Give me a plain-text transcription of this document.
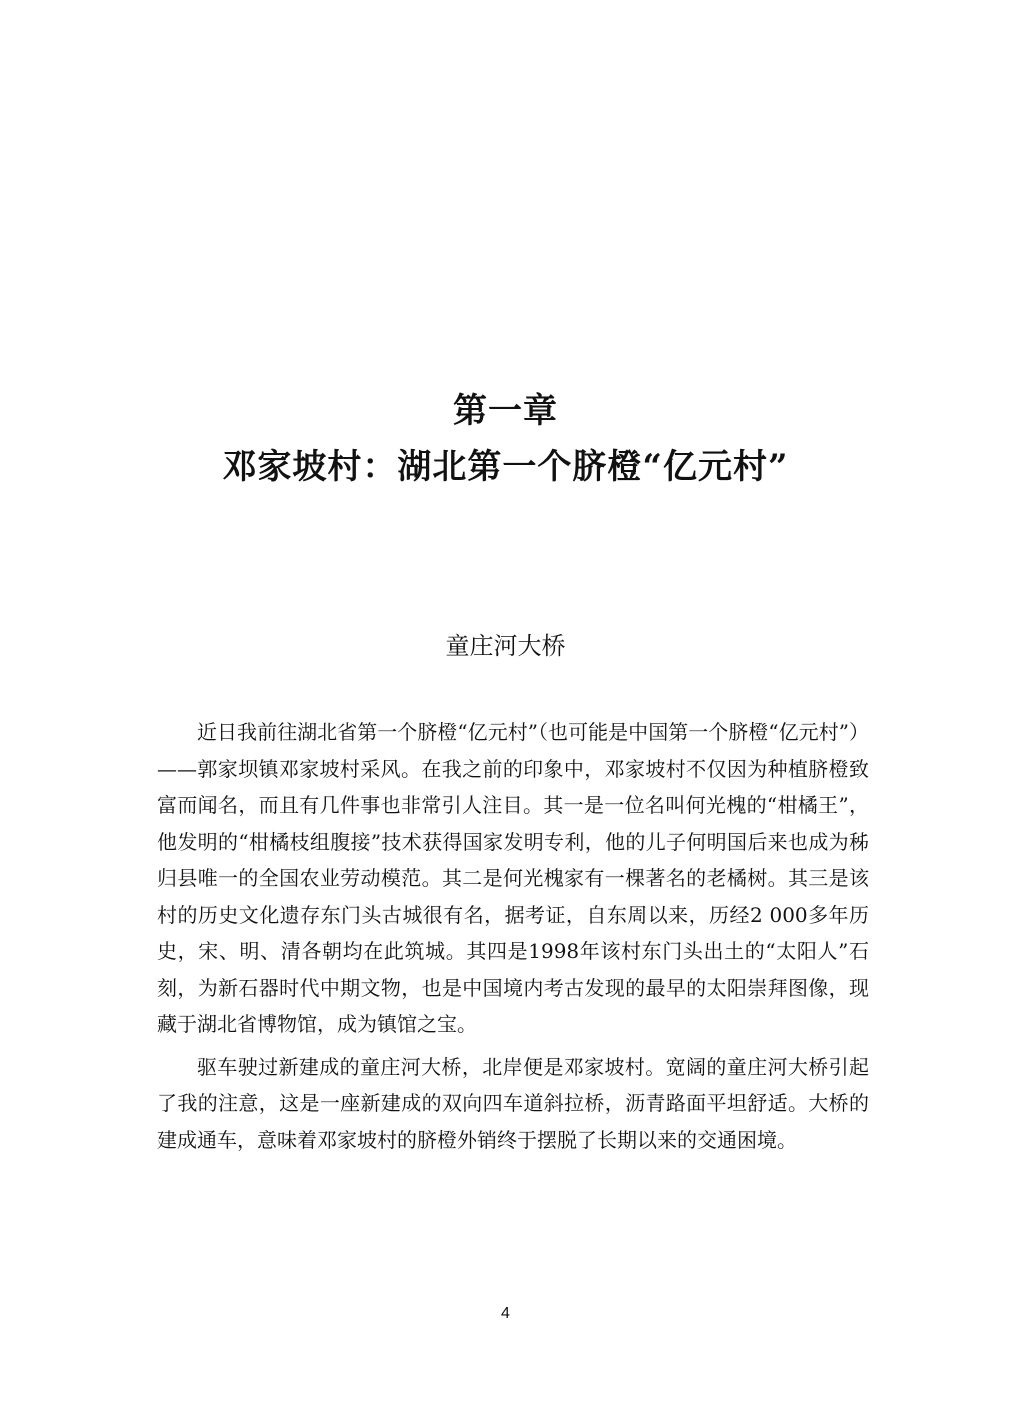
第一章
邓家坡村：湖北第一个脐橙“亿元村”
童庄河大桥

近日我前往湖北省第一个脐橙“亿元村”（也可能是中国第一个脐橙“亿元村”）——郭家坝镇邓家坡村采风。在我之前的印象中，邓家坡村不仅因为种植脐橙致富而闻名，而且有几件事也非常引人注目。其一是一位名叫何光槐的“柑橘王”，他发明的“柑橘枝组腹接”技术获得国家发明专利，他的儿子何明国后来也成为秭归县唯一的全国农业劳动模范。其二是何光槐家有一棵著名的老橘树。其三是该村的历史文化遗存东门头古城很有名，据考证，自东周以来，历经2 000多年历史，宋、明、清各朝均在此筑城。其四是1998年该村东门头出土的“太阳人”石刻，为新石器时代中期文物，也是中国境内考古发现的最早的太阳崇拜图像，现藏于湖北省博物馆，成为镇馆之宝。

驱车驶过新建成的童庄河大桥，北岸便是邓家坡村。宽阔的童庄河大桥引起了我的注意，这是一座新建成的双向四车道斜拉桥，沥青路面平坦舒适。大桥的建成通车，意味着邓家坡村的脐橙外销终于摆脱了长期以来的交通困境。

4
